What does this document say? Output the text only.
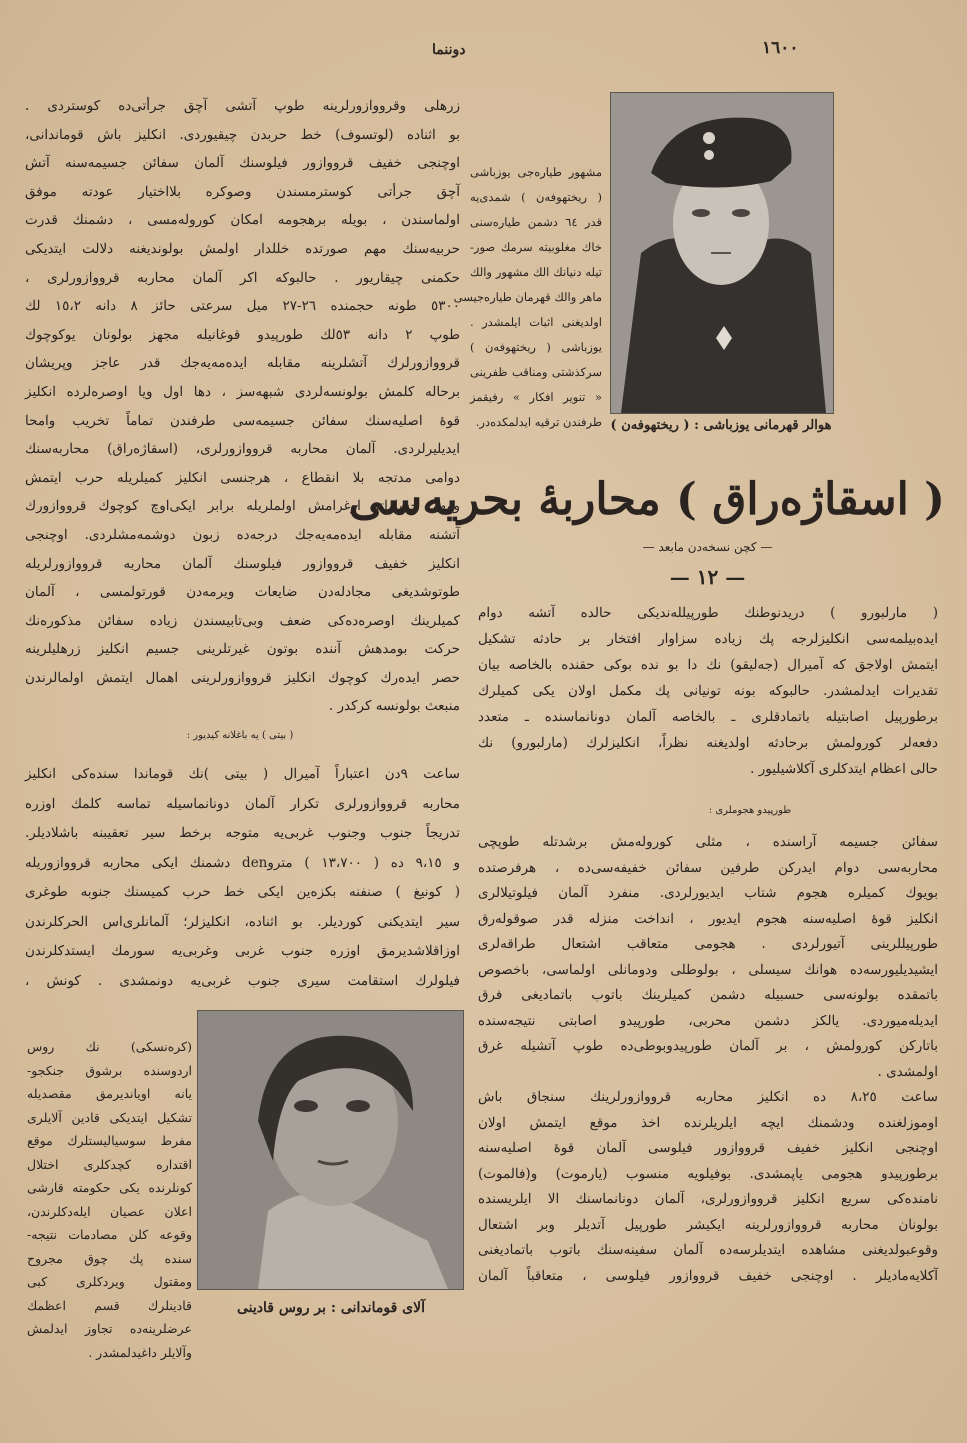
١٦٠٠
دوننما
زرهلی وقرووازورلرینه طوپ آتشی آچق جرأتی‌ده کوستردی .
بو اثناده (لوتسوف) خط حربدن چیقیوردی. انکلیز باش قوماندانی،
اوچنجی خفیف قرووازور فیلوسنك آلمان سفائن جسیمه‌سنه آتش
آچق جرأتی کوسترمسندن وصوکره بلااختیار عودته موفق
اولماسندن ، بویله برهجومه امکان کوروله‌مسی ، دشمنك قدرت
حربیه‌سنك مهم صورتده خللدار اولمش بولوندیغنه دلالت ایتدیکی
حکمنی چیقاریور . حالبوکه اکر آلمان محاربه قرووازورلری ،
٥٣٠٠ طونه حجمنده ٢٦-٢٧ میل سرعتی حائز ٨ دانه ١٥،٢ لك
طوپ ٢ دانه ٥٣لك طورپیدو قوغانیله مجهز بولونان یوکوچوك
قرووازورلرك آتشلرینه مقابله ایده‌مه‌یه‌جك قدر عاجز وپریشان
برحاله کلمش بولونسه‌لردی شبهه‌سز ، دها اول ویا اوصره‌لرده انکلیز
قوهٔ اصلیه‌سنك سفائن جسیمه‌سی طرفندن تماماً تخریب وامحا
ایدیلیرلردی. آلمان محاربه قرووازورلری، (اسقاژه‌راق) محاربه‌سنك
دوامی مدتجه بلا انقطاع ، هرجنسی انکلیز کمیلریله حرب ایتمش
ومهم خساراته اوغرامش اولملریله برابر ایکی‌اوچ کوچوك قرووازورك
آتشنه مقابله ایده‌مه‌یه‌جك درجه‌ده زبون دوشمه‌مشلردی. اوچنجی
انکلیز خفیف قرووازور فیلوسنك آلمان محاربه قرووازورلریله
طوتوشدیغی مجادله‌دن ضایعات ویرمه‌دن قورتولمسی ، آلمان
کمیلرینك اوصره‌ده‌کی ضعف وبی‌تابیسندن زیاده سفائن مذکوره‌نك
حرکت بومدهش آننده بوتون غیرتلرینی جسیم انکلیز زرهلیلرینه
حصر ایده‌رك کوچوك انکلیز قرووازورلرینی اهمال ایتمش اولمالرندن
منبعث بولونسه کرکدر .
( بیتی ) یه باغلانه کیدیور :
ساعت ٩دن اعتباراً آمیرال ( بیتی )نك قوماندا سنده‌کی انکلیز
محاربه قرووازورلری تکرار آلمان دونانماسیله تماسه کلمك اوزره
تدریجاً جنوب وجنوب غربی‌یه متوجه برخط سیر تعقیبنه باشلادیلر.
و ٩،١٥ ده ( ١٣،٧٠٠ ) متروden دشمنك ایکی محاربه قرووازوریله
( کونیغ ) صنفنه بکزه‌ین ایکی خط حرب کمیسنك جنوبه طوغری
سیر ایتدیکنی کوردیلر. بو اثناده، انکلیزلر؛ آلمانلری‌اس الحرکلرندن
اوزاقلاشدیرمق اوزره جنوب غربی وغربی‌یه سورمك ایستدکلرندن
فیلولرك استقامت سیری جنوب غربی‌یه دونمشدی . کونش ،
(کره‌نسکی) نك روس
اردوسنده برشوق جنکجو-
یانه اویاندیرمق مقصدیله
تشکیل ایتدیکی قادین آلایلری
مفرط سوسیالیستلرك موقع
اقتداره کچدکلری اختلال
کونلرنده یکی حکومته قارشی
اعلان عصیان ایله‌دکلرندن،
وقوعه کلن مصادمات نتیجه-
سنده پك چوق مجروح
ومقتول ویردکلری کبی
قادینلرك قسم اعظمك
عرضلرینه‌ده تجاوز ایدلمش
وآلایلر داغیدلمشدر .
آلای قوماندانی : بر روس قادینی
مشهور طیاره‌جی یوزباشی
( ریختهوفه‌ن ) شمدی‌یه
قدر ٦٤ دشمن طیاره‌سنی
خاك مغلوبیته سرمك صور-
تیله دنیانك الك مشهور والك
ماهر والك قهرمان طیاره‌جیسی
اولدیغنی اثبات ایلمشدر .
یوزباشی ( ریختهوفه‌ن )
سرکذشتی ومناقب ظفرینی
« تنویر افکار » رفیقمز
طرفندن ترقیه ایدلمکده‌در. هوالر قهرمانی یوزباشی : ( ریختهوفه‌ن )
( اسقاژه‌راق ) محاربهٔ بحریه‌سی
— کچن نسخه‌دن مابعد —
— ١٢ —
( مارلبورو ) دریدنوطنك طورپیلله‌ندیکی حالده آتشه دوام
ایده‌بیلمه‌سی انکلیزلرجه پك زیاده سزاوار افتخار بر حادثه تشکیل
ایتمش اولاجق که آمیرال (جه‌لیقو) نك دا بو نده بوکی حقنده بالخاصه بیان
تقدیرات ایدلمشدر. حالبوکه بونه تونیانی پك مکمل اولان یکی کمیلرك
برطورپیل اصابتیله باتمادقلری ـ بالخاصه آلمان دونانماسنده ـ متعدد
دفعه‌لر کورولمش برحادثه اولدیغنه نظراً، انکلیزلرك (مارلبورو) نك
حالی اعظام ایتدکلری آکلاشیلیور .
طورپیدو هجوملری :
سفائن جسیمه آراسنده ، مثلی کوروله‌مش برشدتله طوپچی
محاربه‌سی دوام ایدرکن طرفین سفائن خفیفه‌سی‌ده ، هرفرصتده
بویوك کمیلره هجوم شتاب ایدیورلردی. منفرد آلمان فیلوتیلالری
انکلیز قوهٔ اصلیه‌سنه هجوم ایدیور ، انداخت منزله قدر صوقوله‌رق
طورپیللرینی آتیورلردی . هجومی متعاقب اشتعال طراقه‌لری
ایشیدیلیورسه‌ده هوانك سیسلی ، بولوطلی ودومانلی اولماسی، باخصوص
باتمقده بولونه‌سی حسبیله دشمن کمیلرینك باتوب باتمادیغی فرق
ایدیله‌میوردی. یالکز دشمن محربی، طورپیدو اصابتی نتیجه‌سنده
باتارکن کورولمش ، بر آلمان طورپیدوبوطی‌ده طوپ آتشیله غرق
اولمشدی .
ساعت ٨،٢٥ ده انکلیز محاربه قرووازورلرینك سنجاق باش
اوموزلغنده ودشمنك ایچه ایلریلرنده اخذ موقع ایتمش اولان
اوچنجی انکلیز خفیف قرووازور فیلوسی آلمان قوهٔ اصلیه‌سنه
برطورپیدو هجومی یاپمشدی. بوفیلویه منسوب (یارموت) و(فالموت)
نامنده‌کی سریع انکلیز قرووازورلری، آلمان دونانماسنك الا ایلریسنده
بولونان محاربه قرووازورلرینه ایکیشر طورپیل آتدیلر وبر اشتعال
وقوعبولدیغنی مشاهده ایتدیلرسه‌ده آلمان سفینه‌سنك باتوب باتمادیغنی
آکلایه‌مادیلر . اوچنجی خفیف قرووازور فیلوسی ، متعاقباً آلمان
